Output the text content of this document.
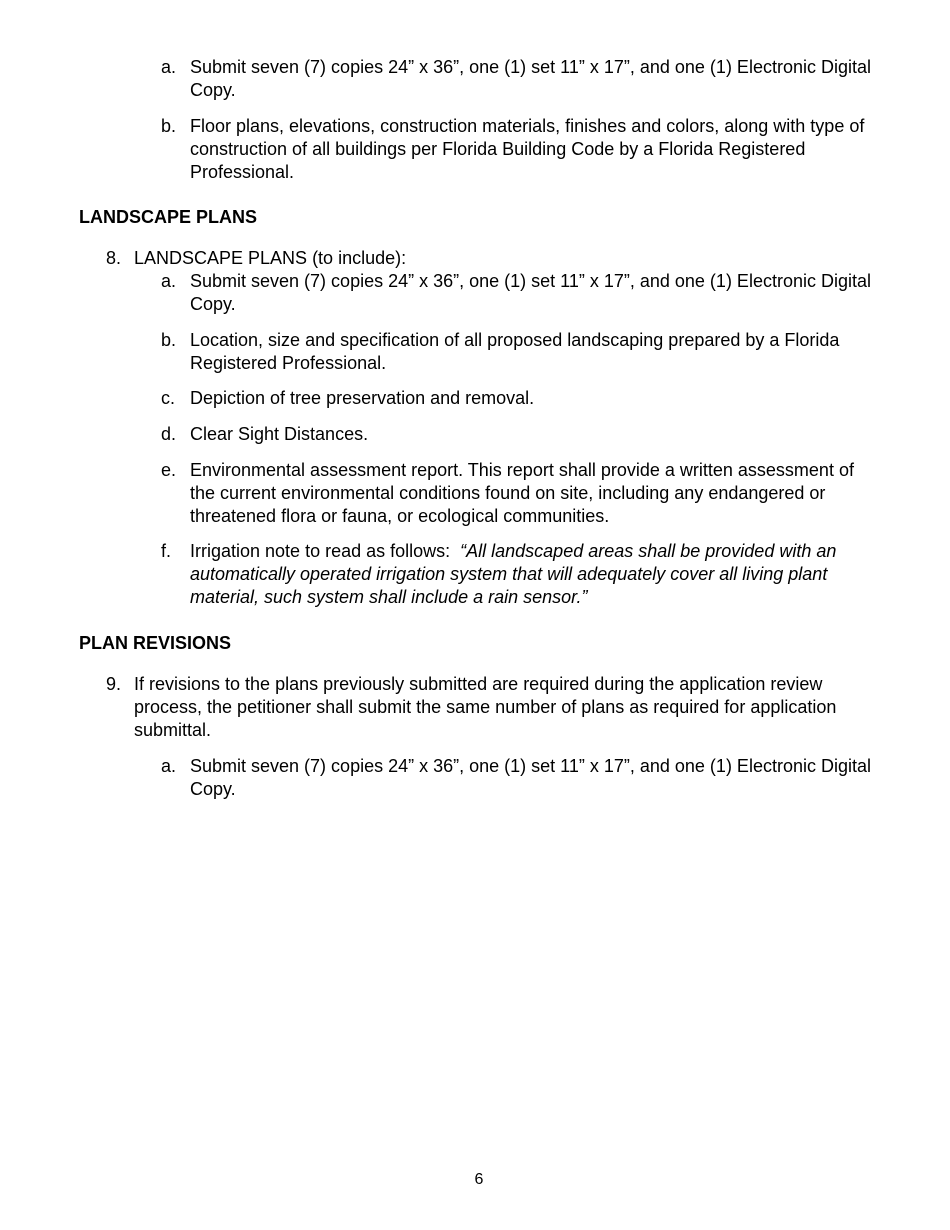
a. Submit seven (7) copies 24” x 36”, one (1) set 11” x 17”, and one (1) Electronic Digital Copy.
b. Floor plans, elevations, construction materials, finishes and colors, along with type of construction of all buildings per Florida Building Code by a Florida Registered Professional.
LANDSCAPE PLANS
8. LANDSCAPE PLANS (to include):
a. Submit seven (7) copies 24” x 36”, one (1) set 11” x 17”, and one (1) Electronic Digital Copy.
b. Location, size and specification of all proposed landscaping prepared by a Florida Registered Professional.
c. Depiction of tree preservation and removal.
d. Clear Sight Distances.
e. Environmental assessment report. This report shall provide a written assessment of the current environmental conditions found on site, including any endangered or threatened flora or fauna, or ecological communities.
f.	Irrigation note to read as follows:  “All landscaped areas shall be provided with an automatically operated irrigation system that will adequately cover all living plant material, such system shall include a rain sensor.”
PLAN REVISIONS
9. If revisions to the plans previously submitted are required during the application review process, the petitioner shall submit the same number of plans as required for application submittal.
a. Submit seven (7) copies 24” x 36”, one (1) set 11” x 17”, and one (1) Electronic Digital Copy.
6
